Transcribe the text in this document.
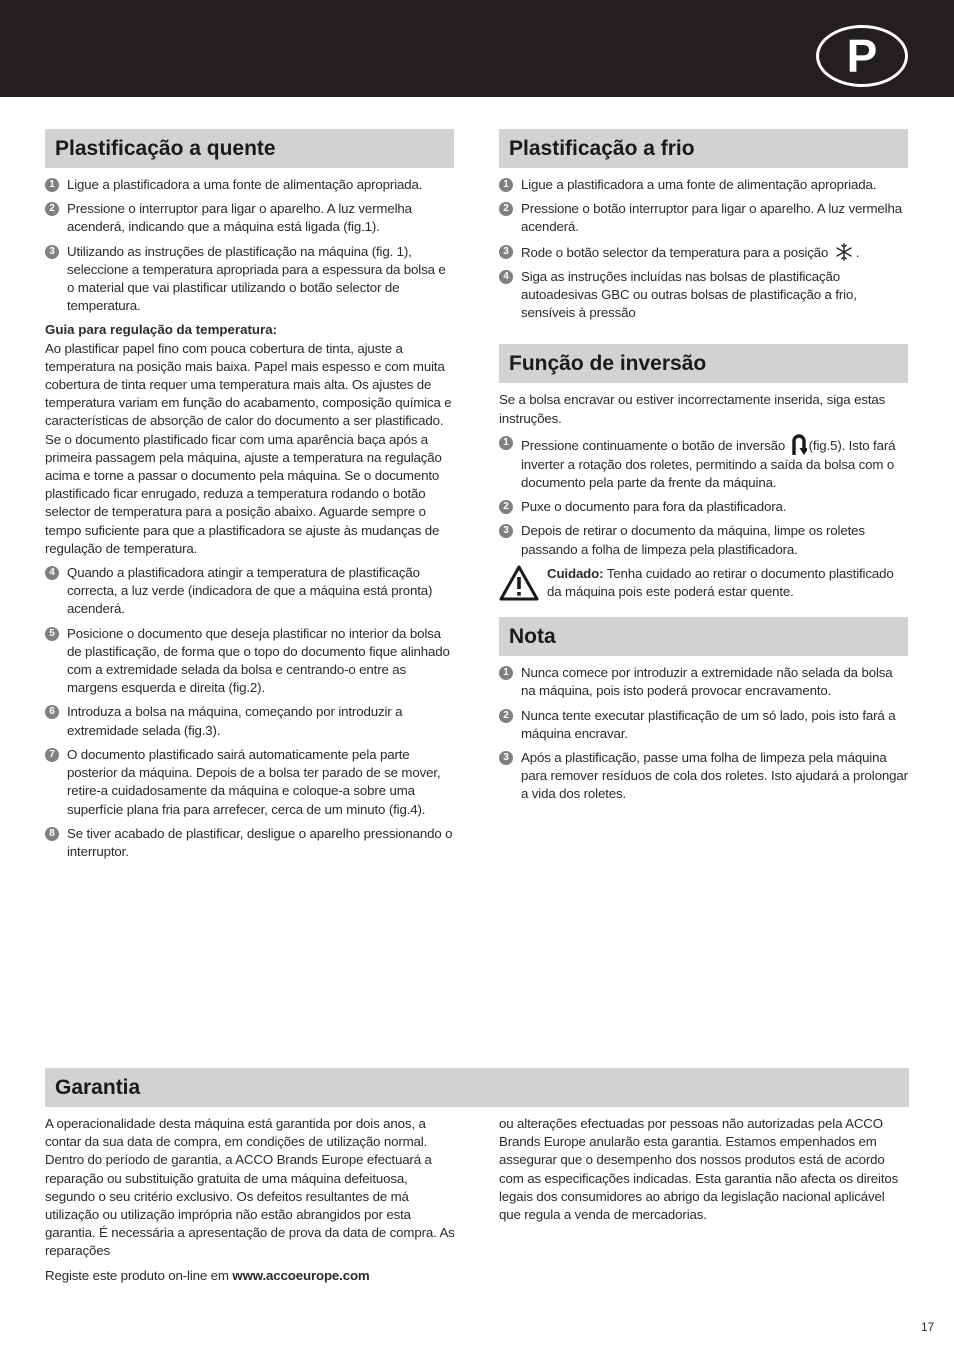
P
Plastificação a quente
1 Ligue a plastificadora a uma fonte de alimentação apropriada.
2 Pressione o interruptor para ligar o aparelho. A luz vermelha acenderá, indicando que a máquina está ligada (fig.1).
3 Utilizando as instruções de plastificação na máquina (fig. 1), seleccione a temperatura apropriada para a espessura da bolsa e o material que vai plastificar utilizando o botão selector de temperatura.
Guia para regulação da temperatura:
Ao plastificar papel fino com pouca cobertura de tinta, ajuste a temperatura na posição mais baixa. Papel mais espesso e com muita cobertura de tinta requer uma temperatura mais alta. Os ajustes de temperatura variam em função do acabamento, composição química e características de absorção de calor do documento a ser plastificado. Se o documento plastificado ficar com uma aparência baça após a primeira passagem pela máquina, ajuste a temperatura na regulação acima e torne a passar o documento pela máquina. Se o documento plastificado ficar enrugado, reduza a temperatura rodando o botão selector de temperatura para a posição abaixo. Aguarde sempre o tempo suficiente para que a plastificadora se ajuste às mudanças de regulação de temperatura.
4 Quando a plastificadora atingir a temperatura de plastificação correcta, a luz verde (indicadora de que a máquina está pronta) acenderá.
5 Posicione o documento que deseja plastificar no interior da bolsa de plastificação, de forma que o topo do documento fique alinhado com a extremidade selada da bolsa e centrando-o entre as margens esquerda e direita (fig.2).
6 Introduza a bolsa na máquina, começando por introduzir a extremidade selada (fig.3).
7 O documento plastificado sairá automaticamente pela parte posterior da máquina. Depois de a bolsa ter parado de se mover, retire-a cuidadosamente da máquina e coloque-a sobre uma superfície plana fria para arrefecer, cerca de um minuto (fig.4).
8 Se tiver acabado de plastificar, desligue o aparelho pressionando o interruptor.
Plastificação a frio
1 Ligue a plastificadora a uma fonte de alimentação apropriada.
2 Pressione o botão interruptor para ligar o aparelho. A luz vermelha acenderá.
3 Rode o botão selector da temperatura para a posição .
4 Siga as instruções incluídas nas bolsas de plastificação autoadesivas GBC ou outras bolsas de plastificação a frio, sensíveis à pressão
Função de inversão
Se a bolsa encravar ou estiver incorrectamente inserida, siga estas instruções.
1 Pressione continuamente o botão de inversão (fig.5). Isto fará inverter a rotação dos roletes, permitindo a saída da bolsa com o documento pela parte da frente da máquina.
2 Puxe o documento para fora da plastificadora.
3 Depois de retirar o documento da máquina, limpe os roletes passando a folha de limpeza pela plastificadora.
Cuidado: Tenha cuidado ao retirar o documento plastificado da máquina pois este poderá estar quente.
Nota
1 Nunca comece por introduzir a extremidade não selada da bolsa na máquina, pois isto poderá provocar encravamento.
2 Nunca tente executar plastificação de um só lado, pois isto fará a máquina encravar.
3 Após a plastificação, passe uma folha de limpeza pela máquina para remover resíduos de cola dos roletes. Isto ajudará a prolongar a vida dos roletes.
Garantia
A operacionalidade desta máquina está garantida por dois anos, a contar da sua data de compra, em condições de utilização normal. Dentro do período de garantia, a ACCO Brands Europe efectuará a reparação ou substituição gratuita de uma máquina defeituosa, segundo o seu critério exclusivo. Os defeitos resultantes de má utilização ou utilização imprópria não estão abrangidos por esta garantia. É necessária a apresentação de prova da data de compra. As reparações
Registe este produto on-line em www.accoeurope.com
ou alterações efectuadas por pessoas não autorizadas pela ACCO Brands Europe anularão esta garantia. Estamos empenhados em assegurar que o desempenho dos nossos produtos está de acordo com as especificações indicadas. Esta garantia não afecta os direitos legais dos consumidores ao abrigo da legislação nacional aplicável que regula a venda de mercadorias.
17
